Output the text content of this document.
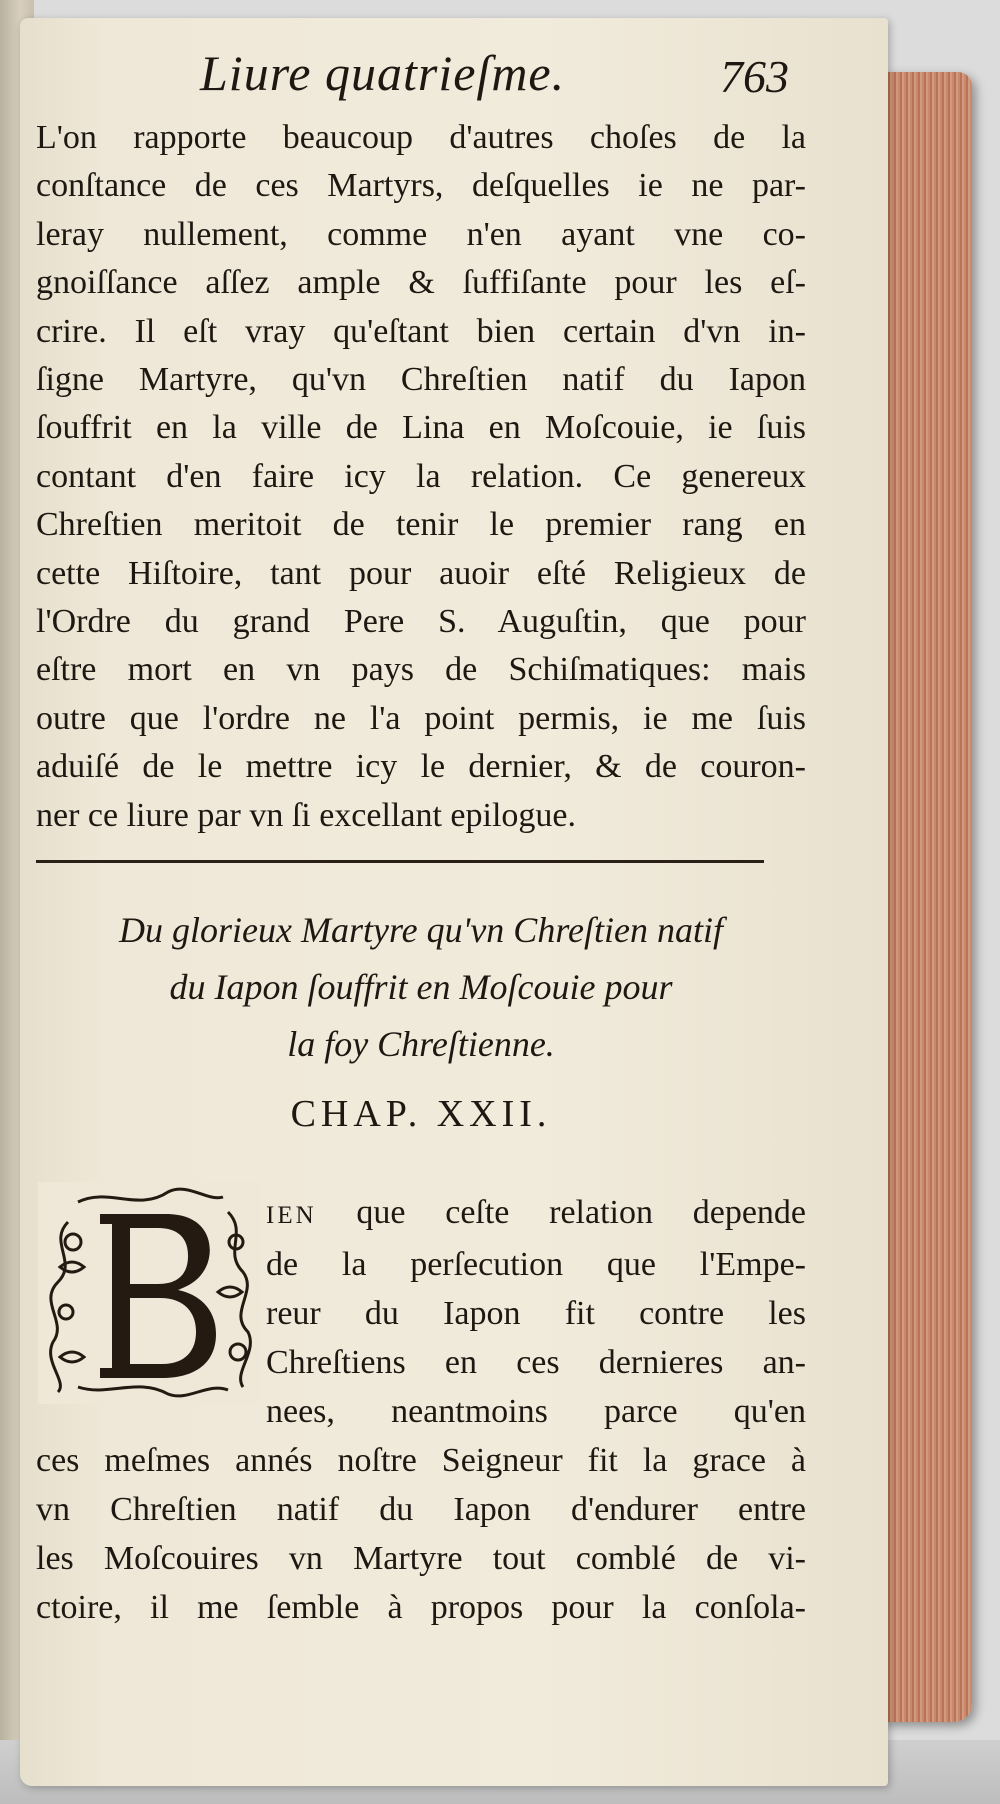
Liure quatrieſme.	763
L'on rapporte beaucoup d'autres choſes de la
conſtance de ces Martyrs, deſquelles ie ne par-
leray nullement, comme n'en ayant vne co-
gnoiſſance aſſez ample & ſuffiſante pour les eſ-
crire. Il eſt vray qu'eſtant bien certain d'vn in-
ſigne Martyre, qu'vn Chreſtien natif du Iapon
ſouffrit en la ville de Lina en Moſcouie, ie ſuis
contant d'en faire icy la relation. Ce genereux
Chreſtien meritoit de tenir le premier rang en
cette Hiſtoire, tant pour auoir eſté Religieux de
l'Ordre du grand Pere S. Auguſtin, que pour
eſtre mort en vn pays de Schiſmatiques: mais
outre que l'ordre ne l'a point permis, ie me ſuis
aduiſé de le mettre icy le dernier, & de couron-
ner ce liure par vn ſi excellant epilogue.
Du glorieux Martyre qu'vn Chreſtien natif
du Iapon ſouffrit en Moſcouie pour
la foy Chreſtienne.
CHAP. XXII.
IEN que ceſte relation depende
de la perſecution que l'Empe-
reur du Iapon fit contre les
Chreſtiens en ces dernieres an-
nees, neantmoins parce qu'en
ces meſmes annés noſtre Seigneur fit la grace à
vn Chreſtien natif du Iapon d'endurer entre
les Moſcouires vn Martyre tout comblé de vi-
ctoire, il me ſemble à propos pour la conſola-
